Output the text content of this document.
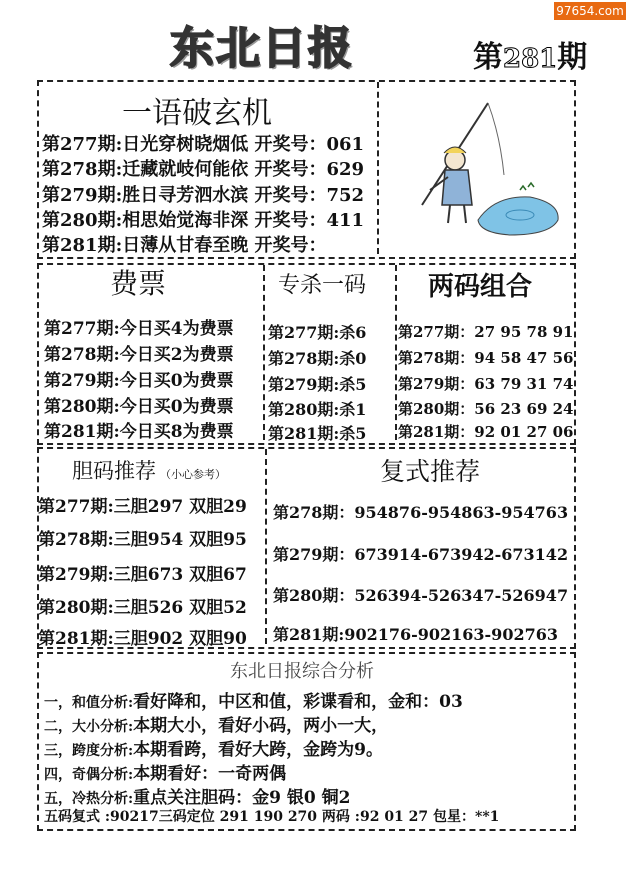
97654.com
东北日报	第281期
一语破玄机
第277期:日光穿树晓烟低 开奖号：061
第278期:迁藏就岐何能依 开奖号：629
第279期:胜日寻芳泗水滨 开奖号：752
第280期:相思始觉海非深 开奖号：411
第281期:日薄从甘春至晚 开奖号：
费票
第277期:今日买4为费票
第278期:今日买2为费票
第279期:今日买0为费票
第280期:今日买0为费票
第281期:今日买8为费票
专杀一码
第277期:杀6
第278期:杀0
第279期:杀5
第280期:杀1
第281期:杀5
两码组合
第277期：27 95 78 91
第278期：94 58 47 56
第279期：63 79 31 74
第280期：56 23 69 24
第281期：92 01 27 06
胆码推荐 （小心参考）
第277期:三胆297 双胆29
第278期:三胆954 双胆95
第279期:三胆673 双胆67
第280期:三胆526 双胆52
第281期:三胆902 双胆90
复式推荐
第278期：954876-954863-954763
第279期：673914-673942-673142
第280期：526394-526347-526947
第281期:902176-902163-902763
东北日报综合分析
一，和值分析:看好降和，中区和值，彩谍看和，金和：03
二，大小分析:本期大小，看好小码，两小一大，
三，跨度分析:本期看跨，看好大跨，金跨为9。
四，奇偶分析:本期看好：一奇两偶
五，冷热分析:重点关注胆码：金9 银0 铜2
五码复式 :90217三码定位 291 190 270 两码 :92 01 27 包星：**1
